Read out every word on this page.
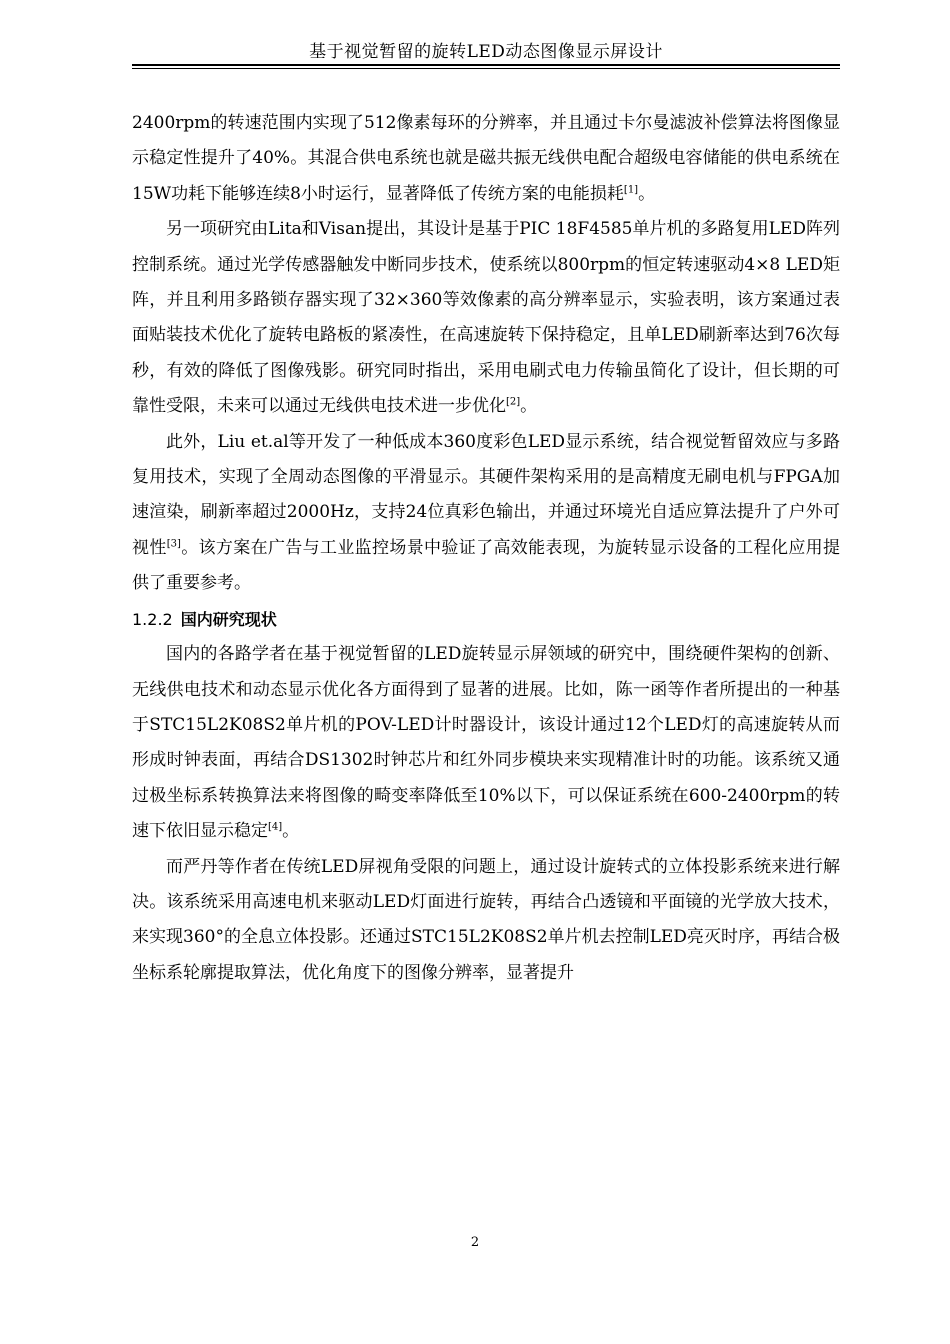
基于视觉暂留的旋转LED动态图像显示屏设计

2400rpm的转速范围内实现了512像素每环的分辨率，并且通过卡尔曼滤波补偿算法将图像显示稳定性提升了40%。其混合供电系统也就是磁共振无线供电配合超级电容储能的供电系统在15W功耗下能够连续8小时运行，显著降低了传统方案的电能损耗[1]。

另一项研究由Lita和Visan提出，其设计是基于PIC 18F4585单片机的多路复用LED阵列控制系统。通过光学传感器触发中断同步技术，使系统以800rpm的恒定转速驱动4×8 LED矩阵，并且利用多路锁存器实现了32×360等效像素的高分辨率显示，实验表明，该方案通过表面贴装技术优化了旋转电路板的紧凑性，在高速旋转下保持稳定，且单LED刷新率达到76次每秒，有效的降低了图像残影。研究同时指出，采用电刷式电力传输虽简化了设计，但长期的可靠性受限，未来可以通过无线供电技术进一步优化[2]。

此外，Liu et.al等开发了一种低成本360度彩色LED显示系统，结合视觉暂留效应与多路复用技术，实现了全周动态图像的平滑显示。其硬件架构采用的是高精度无刷电机与FPGA加速渲染，刷新率超过2000Hz，支持24位真彩色输出，并通过环境光自适应算法提升了户外可视性[3]。该方案在广告与工业监控场景中验证了高效能表现，为旋转显示设备的工程化应用提供了重要参考。

1.2.2 国内研究现状

国内的各路学者在基于视觉暂留的LED旋转显示屏领域的研究中，围绕硬件架构的创新、无线供电技术和动态显示优化各方面得到了显著的进展。比如，陈一函等作者所提出的一种基于STC15L2K08S2单片机的POV-LED计时器设计，该设计通过12个LED灯的高速旋转从而形成时钟表面，再结合DS1302时钟芯片和红外同步模块来实现精准计时的功能。该系统又通过极坐标系转换算法来将图像的畸变率降低至10%以下，可以保证系统在600-2400rpm的转速下依旧显示稳定[4]。

而严丹等作者在传统LED屏视角受限的问题上，通过设计旋转式的立体投影系统来进行解决。该系统采用高速电机来驱动LED灯面进行旋转，再结合凸透镜和平面镜的光学放大技术，来实现360°的全息立体投影。还通过STC15L2K08S2单片机去控制LED亮灭时序，再结合极坐标系轮廓提取算法，优化角度下的图像分辨率，显著提升

2
